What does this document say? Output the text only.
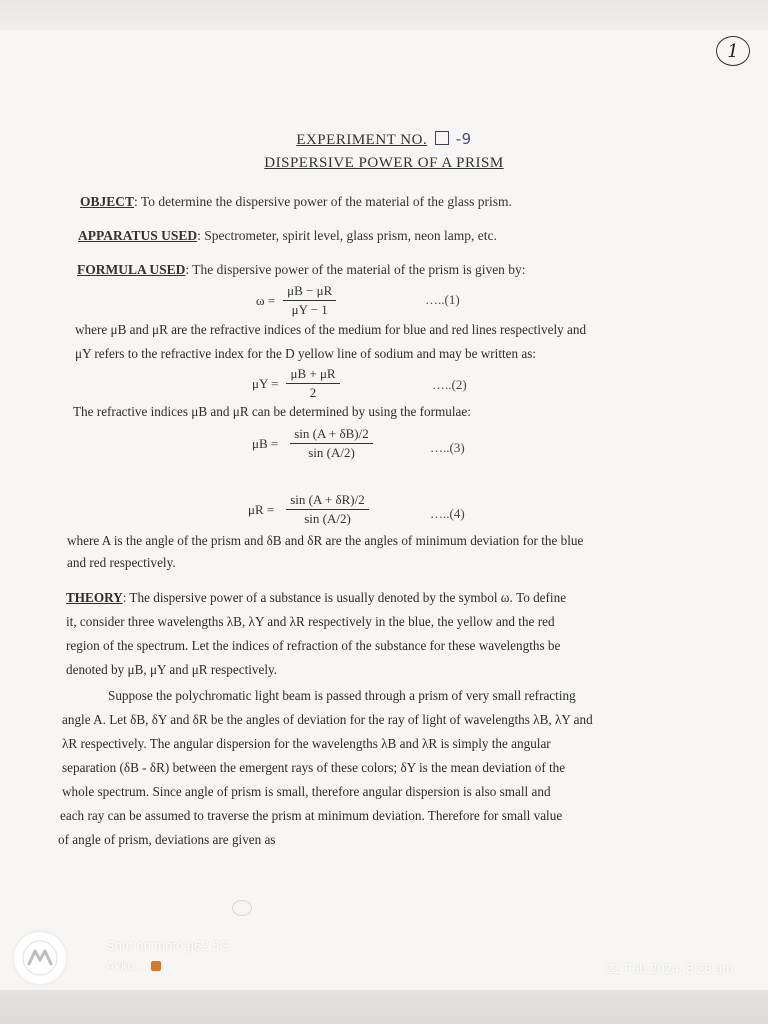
1
EXPERIMENT NO. -9
DISPERSIVE POWER OF A PRISM
OBJECT: To determine the dispersive power of the material of the glass prism.
APPARATUS USED: Spectrometer, spirit level, glass prism, neon lamp, etc.
FORMULA USED: The dispersive power of the material of the prism is given by:
$\omega = \frac{\mu B - \mu R}{\mu Y - 1}$	…..(1)
where μB and μR are the refractive indices of the medium for blue and red lines respectively and
μY refers to the refractive index for the D yellow line of sodium and may be written as:
$\mu Y = \frac{\mu B + \mu R}{2}$	…..(2)
The refractive indices μB and μR can be determined by using the formulae:
$\mu B = \frac{\sin (A + \delta B)/2}{\sin (A/2)}$	…..(3)
$\mu R = \frac{\sin (A + \delta R)/2}{\sin (A/2)}$	…..(4)
where A is the angle of the prism and δB and δR are the angles of minimum deviation for the blue
and red respectively.
THEORY: The dispersive power of a substance is usually denoted by the symbol ω. To define
it, consider three wavelengths λB, λY and λR respectively in the blue, the yellow and the red
region of the spectrum. Let the indices of refraction of the substance for these wavelengths be
denoted by μB, μY and μR respectively.
Suppose the polychromatic light beam is passed through a prism of very small refracting
angle A. Let δB, δY and δR be the angles of deviation for the ray of light of wavelengths λB, λY and
λR respectively. The angular dispersion for the wavelengths λB and λR is simply the angular
separation (δB - δR) between the emergent rays of these colors; δY is the mean deviation of the
whole spectrum. Since angle of prism is small, therefore angular dispersion is also small and
each ray can be assumed to traverse the prism at minimum deviation. Therefore for small value
of angle of prism, deviations are given as
Shot on moto g62 5G
Akku...	21 Feb 2024, 8:28 am
